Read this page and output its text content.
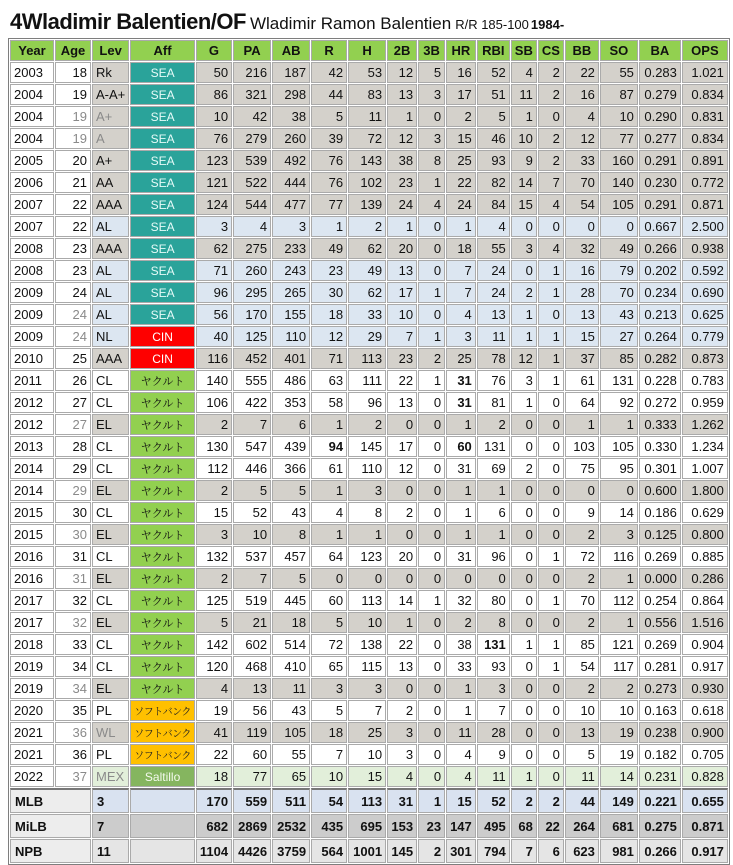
4Wladimir Balentien/OF Wladimir Ramon Balentien R/R 185-100 1984-
Year	Age	Lev	Aff	G	PA	AB	R	H	2B	3B	HR	RBI	SB	CS	BB	SO	BA	OPS
2003	18	Rk	SEA	50	216	187	42	53	12	5	16	52	4	2	22	55	0.283	1.021
2004	19	A-A+	SEA	86	321	298	44	83	13	3	17	51	11	2	16	87	0.279	0.834
2004	19	A+	SEA	10	42	38	5	11	1	0	2	5	1	0	4	10	0.290	0.831
2004	19	A	SEA	76	279	260	39	72	12	3	15	46	10	2	12	77	0.277	0.834
2005	20	A+	SEA	123	539	492	76	143	38	8	25	93	9	2	33	160	0.291	0.891
2006	21	AA	SEA	121	522	444	76	102	23	1	22	82	14	7	70	140	0.230	0.772
2007	22	AAA	SEA	124	544	477	77	139	24	4	24	84	15	4	54	105	0.291	0.871
2007	22	AL	SEA	3	4	3	1	2	1	0	1	4	0	0	0	0	0.667	2.500
2008	23	AAA	SEA	62	275	233	49	62	20	0	18	55	3	4	32	49	0.266	0.938
2008	23	AL	SEA	71	260	243	23	49	13	0	7	24	0	1	16	79	0.202	0.592
2009	24	AL	SEA	96	295	265	30	62	17	1	7	24	2	1	28	70	0.234	0.690
2009	24	AL	SEA	56	170	155	18	33	10	0	4	13	1	0	13	43	0.213	0.625
2009	24	NL	CIN	40	125	110	12	29	7	1	3	11	1	1	15	27	0.264	0.779
2010	25	AAA	CIN	116	452	401	71	113	23	2	25	78	12	1	37	85	0.282	0.873
2011	26	CL	ヤクルト	140	555	486	63	111	22	1	31	76	3	1	61	131	0.228	0.783
2012	27	CL	ヤクルト	106	422	353	58	96	13	0	31	81	1	0	64	92	0.272	0.959
2012	27	EL	ヤクルト	2	7	6	1	2	0	0	1	2	0	0	1	1	0.333	1.262
2013	28	CL	ヤクルト	130	547	439	94	145	17	0	60	131	0	0	103	105	0.330	1.234
2014	29	CL	ヤクルト	112	446	366	61	110	12	0	31	69	2	0	75	95	0.301	1.007
2014	29	EL	ヤクルト	2	5	5	1	3	0	0	1	1	0	0	0	0	0.600	1.800
2015	30	CL	ヤクルト	15	52	43	4	8	2	0	1	6	0	0	9	14	0.186	0.629
2015	30	EL	ヤクルト	3	10	8	1	1	0	0	1	1	0	0	2	3	0.125	0.800
2016	31	CL	ヤクルト	132	537	457	64	123	20	0	31	96	0	1	72	116	0.269	0.885
2016	31	EL	ヤクルト	2	7	5	0	0	0	0	0	0	0	0	2	1	0.000	0.286
2017	32	CL	ヤクルト	125	519	445	60	113	14	1	32	80	0	1	70	112	0.254	0.864
2017	32	EL	ヤクルト	5	21	18	5	10	1	0	2	8	0	0	2	1	0.556	1.516
2018	33	CL	ヤクルト	142	602	514	72	138	22	0	38	131	1	1	85	121	0.269	0.904
2019	34	CL	ヤクルト	120	468	410	65	115	13	0	33	93	0	1	54	117	0.281	0.917
2019	34	EL	ヤクルト	4	13	11	3	3	0	0	1	3	0	0	2	2	0.273	0.930
2020	35	PL	ソフトバンク	19	56	43	5	7	2	0	1	7	0	0	10	10	0.163	0.618
2021	36	WL	ソフトバンク	41	119	105	18	25	3	0	11	28	0	0	13	19	0.238	0.900
2021	36	PL	ソフトバンク	22	60	55	7	10	3	0	4	9	0	0	5	19	0.182	0.705
2022	37	MEX	Saltillo	18	77	65	10	15	4	0	4	11	1	0	11	14	0.231	0.828
MLB		3		170	559	511	54	113	31	1	15	52	2	2	44	149	0.221	0.655
MiLB		7		682	2869	2532	435	695	153	23	147	495	68	22	264	681	0.275	0.871
NPB		11		1104	4426	3759	564	1001	145	2	301	794	7	6	623	981	0.266	0.917
